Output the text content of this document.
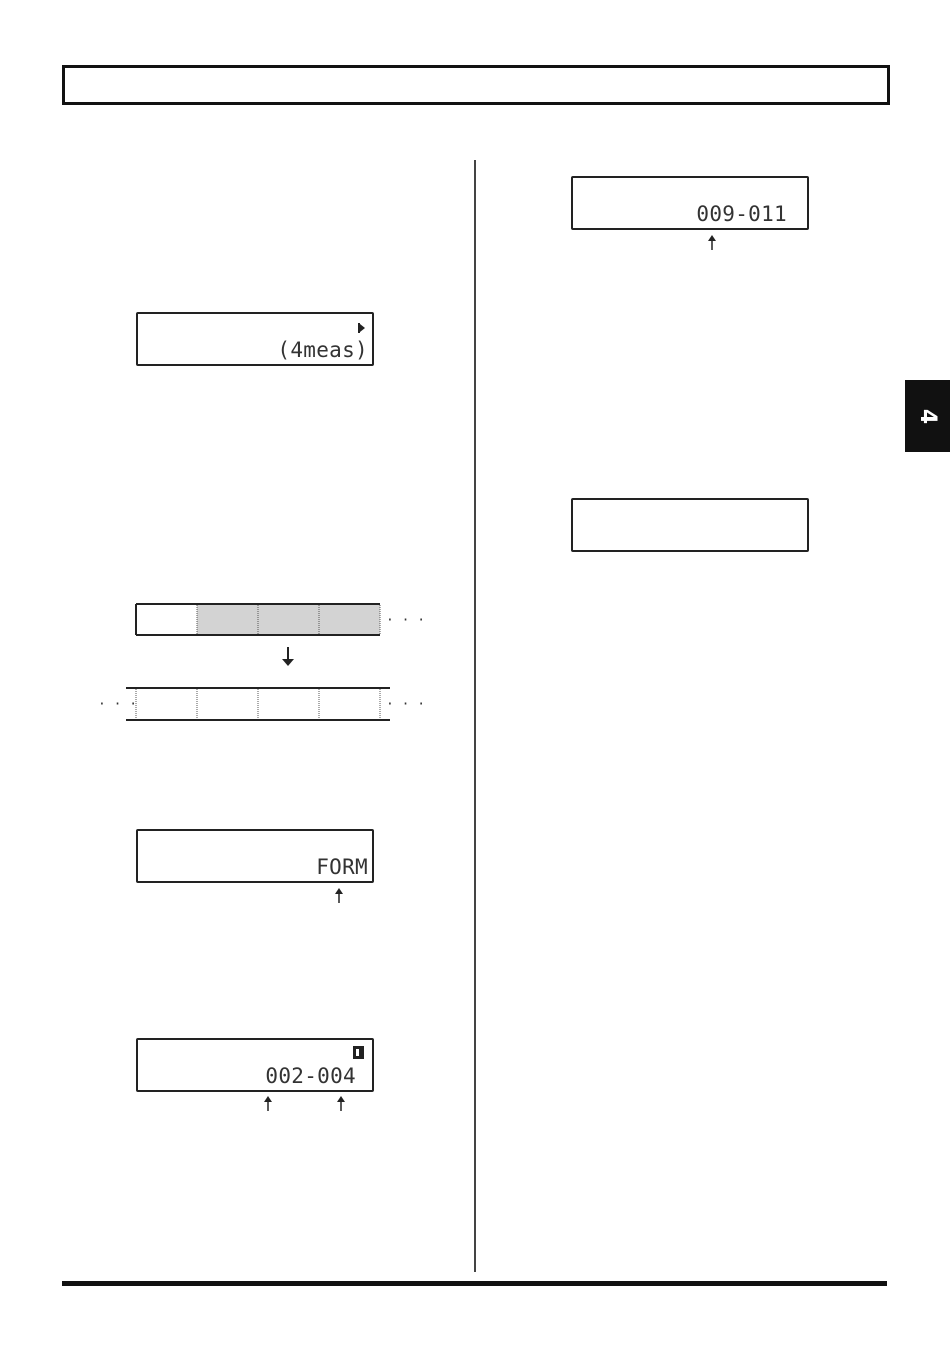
4

(4meas)

· · ·
· · ·	· · ·

FORM

002-004

009-011
